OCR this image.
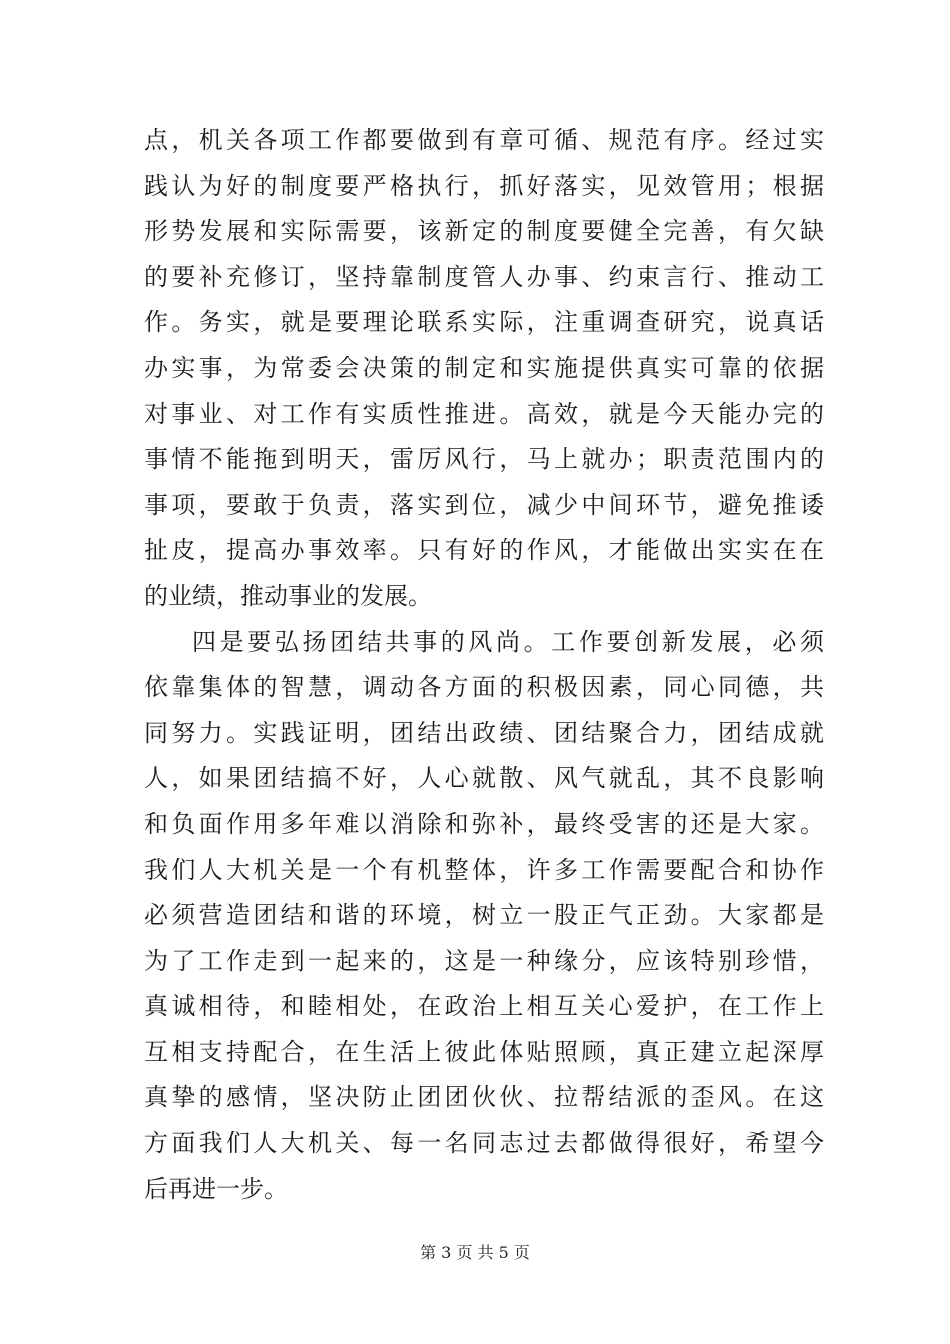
点，机关各项工作都要做到有章可循、规范有序。经过实
践认为好的制度要严格执行，抓好落实，见效管用；根据
形势发展和实际需要，该新定的制度要健全完善，有欠缺
的要补充修订，坚持靠制度管人办事、约束言行、推动工
作。务实，就是要理论联系实际，注重调查研究，说真话
办实事，为常委会决策的制定和实施提供真实可靠的依据
对事业、对工作有实质性推进。高效，就是今天能办完的
事情不能拖到明天，雷厉风行，马上就办；职责范围内的
事项，要敢于负责，落实到位，减少中间环节，避免推诿
扯皮，提高办事效率。只有好的作风，才能做出实实在在
的业绩，推动事业的发展。
四是要弘扬团结共事的风尚。工作要创新发展，必须
依靠集体的智慧，调动各方面的积极因素，同心同德，共
同努力。实践证明，团结出政绩、团结聚合力，团结成就
人，如果团结搞不好，人心就散、风气就乱，其不良影响
和负面作用多年难以消除和弥补，最终受害的还是大家。
我们人大机关是一个有机整体，许多工作需要配合和协作
必须营造团结和谐的环境，树立一股正气正劲。大家都是
为了工作走到一起来的，这是一种缘分，应该特别珍惜，
真诚相待，和睦相处，在政治上相互关心爱护，在工作上
互相支持配合，在生活上彼此体贴照顾，真正建立起深厚
真挚的感情，坚决防止团团伙伙、拉帮结派的歪风。在这
方面我们人大机关、每一名同志过去都做得很好，希望今
后再进一步。
第 3 页 共 5 页
